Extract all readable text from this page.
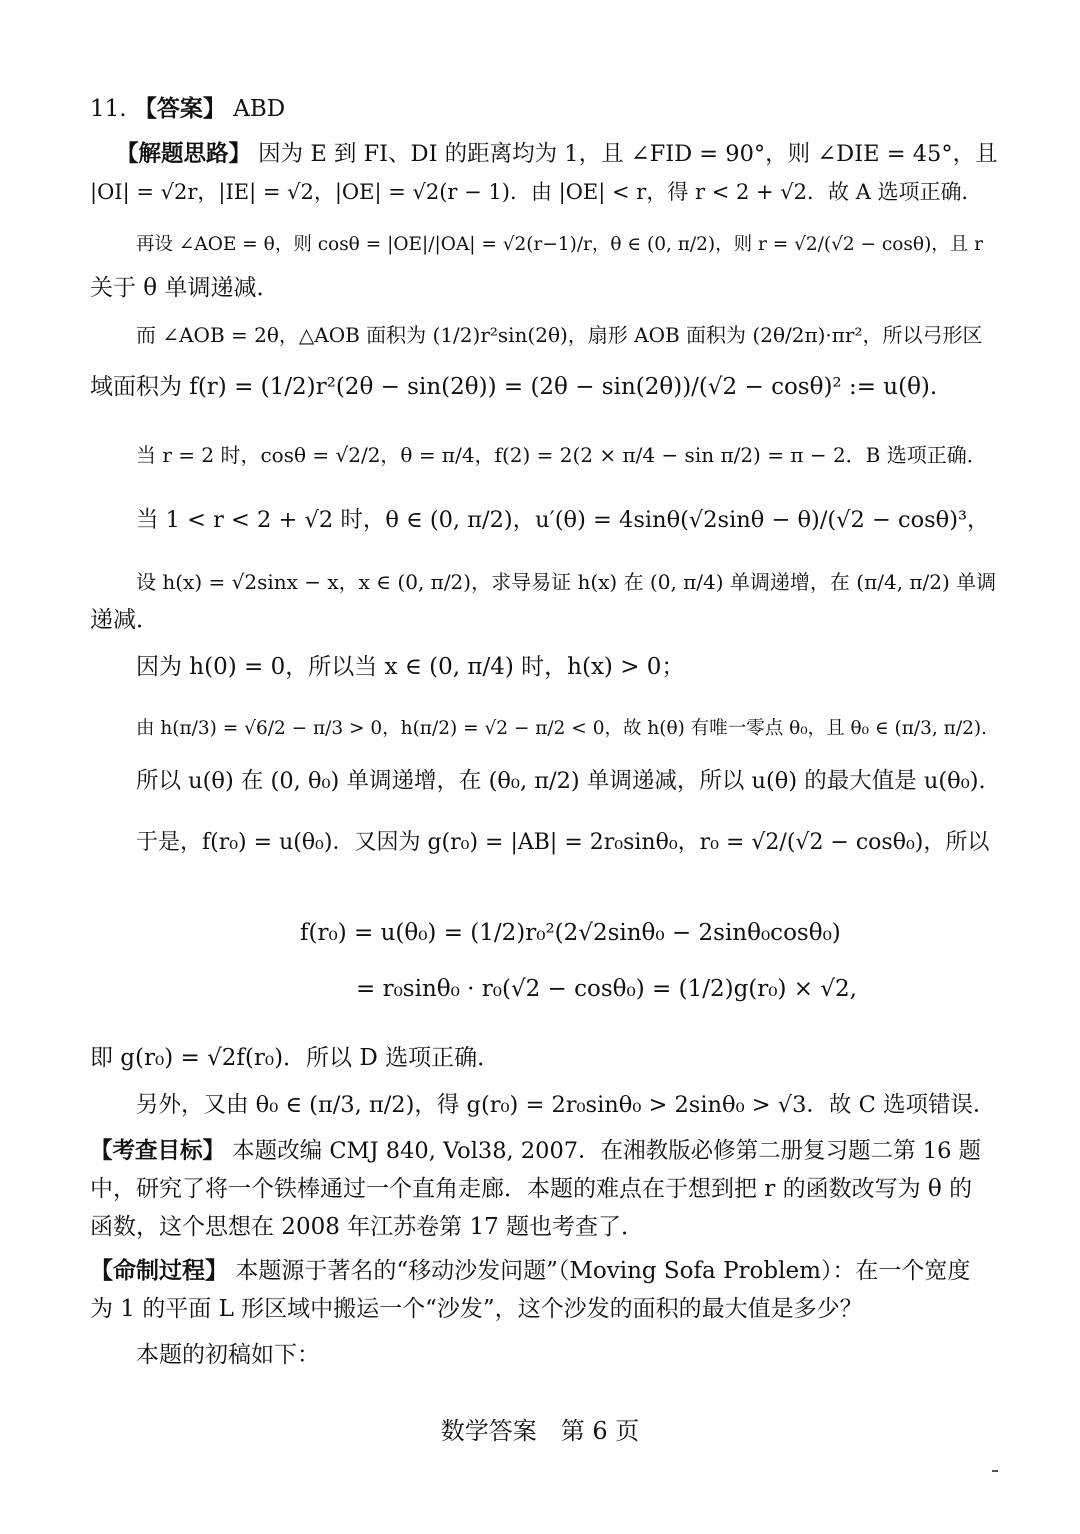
11. 【答案】 ABD
【解题思路】 因为 E 到 FI、DI 的距离均为 1，且 ∠FID = 90°，则 ∠DIE = 45°，且
|OI| = √2r，|IE| = √2，|OE| = √2(r − 1)．由 |OE| < r，得 r < 2 + √2．故 A 选项正确．
再设 ∠AOE = θ，则 cosθ = |OE|/|OA| = √2(r−1)/r，θ ∈ (0, π/2)，则 r = √2/(√2 − cosθ)，且 r
关于 θ 单调递减．
而 ∠AOB = 2θ，△AOB 面积为 (1/2)r²sin(2θ)，扇形 AOB 面积为 (2θ/2π)·πr²，所以弓形区
域面积为 f(r) = (1/2)r²(2θ − sin(2θ)) = (2θ − sin(2θ))/(√2 − cosθ)² := u(θ).
当 r = 2 时，cosθ = √2/2，θ = π/4，f(2) = 2(2 × π/4 − sin π/2) = π − 2．B 选项正确．
当 1 < r < 2 + √2 时，θ ∈ (0, π/2)，u′(θ) = 4sinθ(√2sinθ − θ)/(√2 − cosθ)³，
设 h(x) = √2sinx − x，x ∈ (0, π/2)，求导易证 h(x) 在 (0, π/4) 单调递增，在 (π/4, π/2) 单调
递减．
因为 h(0) = 0，所以当 x ∈ (0, π/4) 时，h(x) > 0；
由 h(π/3) = √6/2 − π/3 > 0，h(π/2) = √2 − π/2 < 0，故 h(θ) 有唯一零点 θ₀，且 θ₀ ∈ (π/3, π/2).
所以 u(θ) 在 (0, θ₀) 单调递增，在 (θ₀, π/2) 单调递减，所以 u(θ) 的最大值是 u(θ₀).
于是，f(r₀) = u(θ₀)．又因为 g(r₀) = |AB| = 2r₀sinθ₀，r₀ = √2/(√2 − cosθ₀)，所以
f(r₀) = u(θ₀) = (1/2)r₀²(2√2sinθ₀ − 2sinθ₀cosθ₀)
= r₀sinθ₀ · r₀(√2 − cosθ₀) = (1/2)g(r₀) × √2,
即 g(r₀) = √2f(r₀)．所以 D 选项正确．
另外，又由 θ₀ ∈ (π/3, π/2)，得 g(r₀) = 2r₀sinθ₀ > 2sinθ₀ > √3．故 C 选项错误．
【考查目标】 本题改编 CMJ 840, Vol38, 2007．在湘教版必修第二册复习题二第 16 题
中，研究了将一个铁棒通过一个直角走廊．本题的难点在于想到把 r 的函数改写为 θ 的
函数，这个思想在 2008 年江苏卷第 17 题也考查了．
【命制过程】 本题源于著名的“移动沙发问题”（Moving Sofa Problem）：在一个宽度
为 1 的平面 L 形区域中搬运一个“沙发”，这个沙发的面积的最大值是多少？
本题的初稿如下：
数学答案　第 6 页
